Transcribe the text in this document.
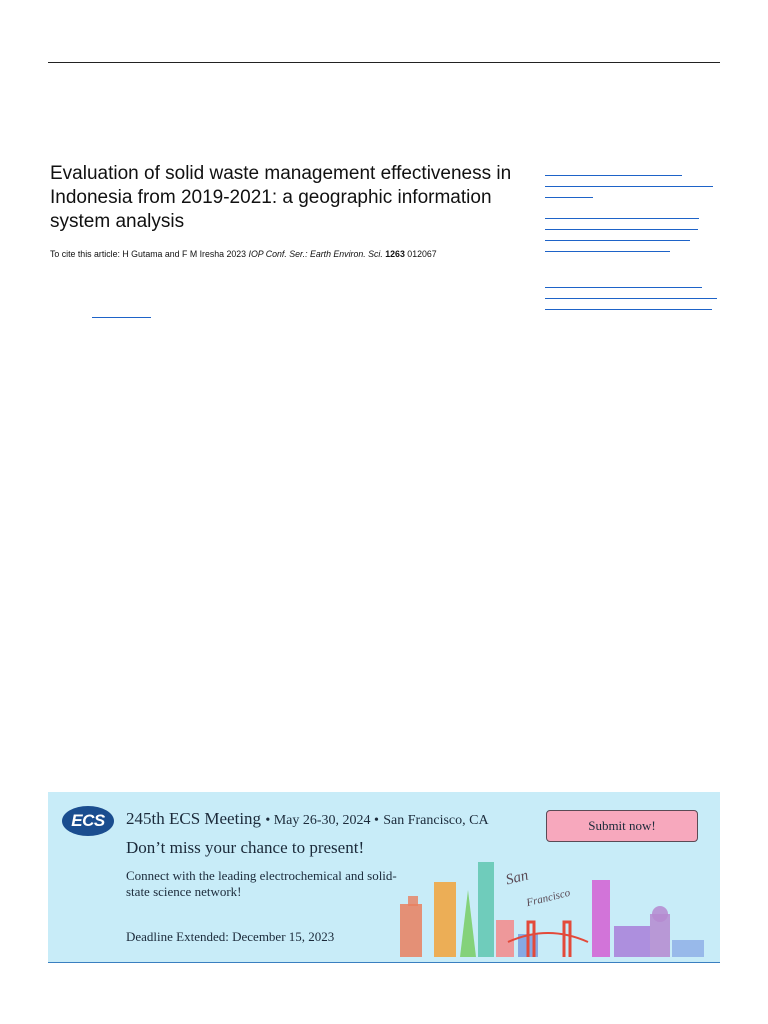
Evaluation of solid waste management effectiveness in Indonesia from 2019-2021: a geographic information system analysis
To cite this article: H Gutama and F M Iresha 2023 IOP Conf. Ser.: Earth Environ. Sci. 1263 012067
ECS	245th ECS Meeting • May 26-30, 2024 • San Francisco, CA
Don’t miss your chance to present!
Connect with the leading electrochemical and solid-state science network!
Deadline Extended: December 15, 2023
Submit now!
San
Francisco
